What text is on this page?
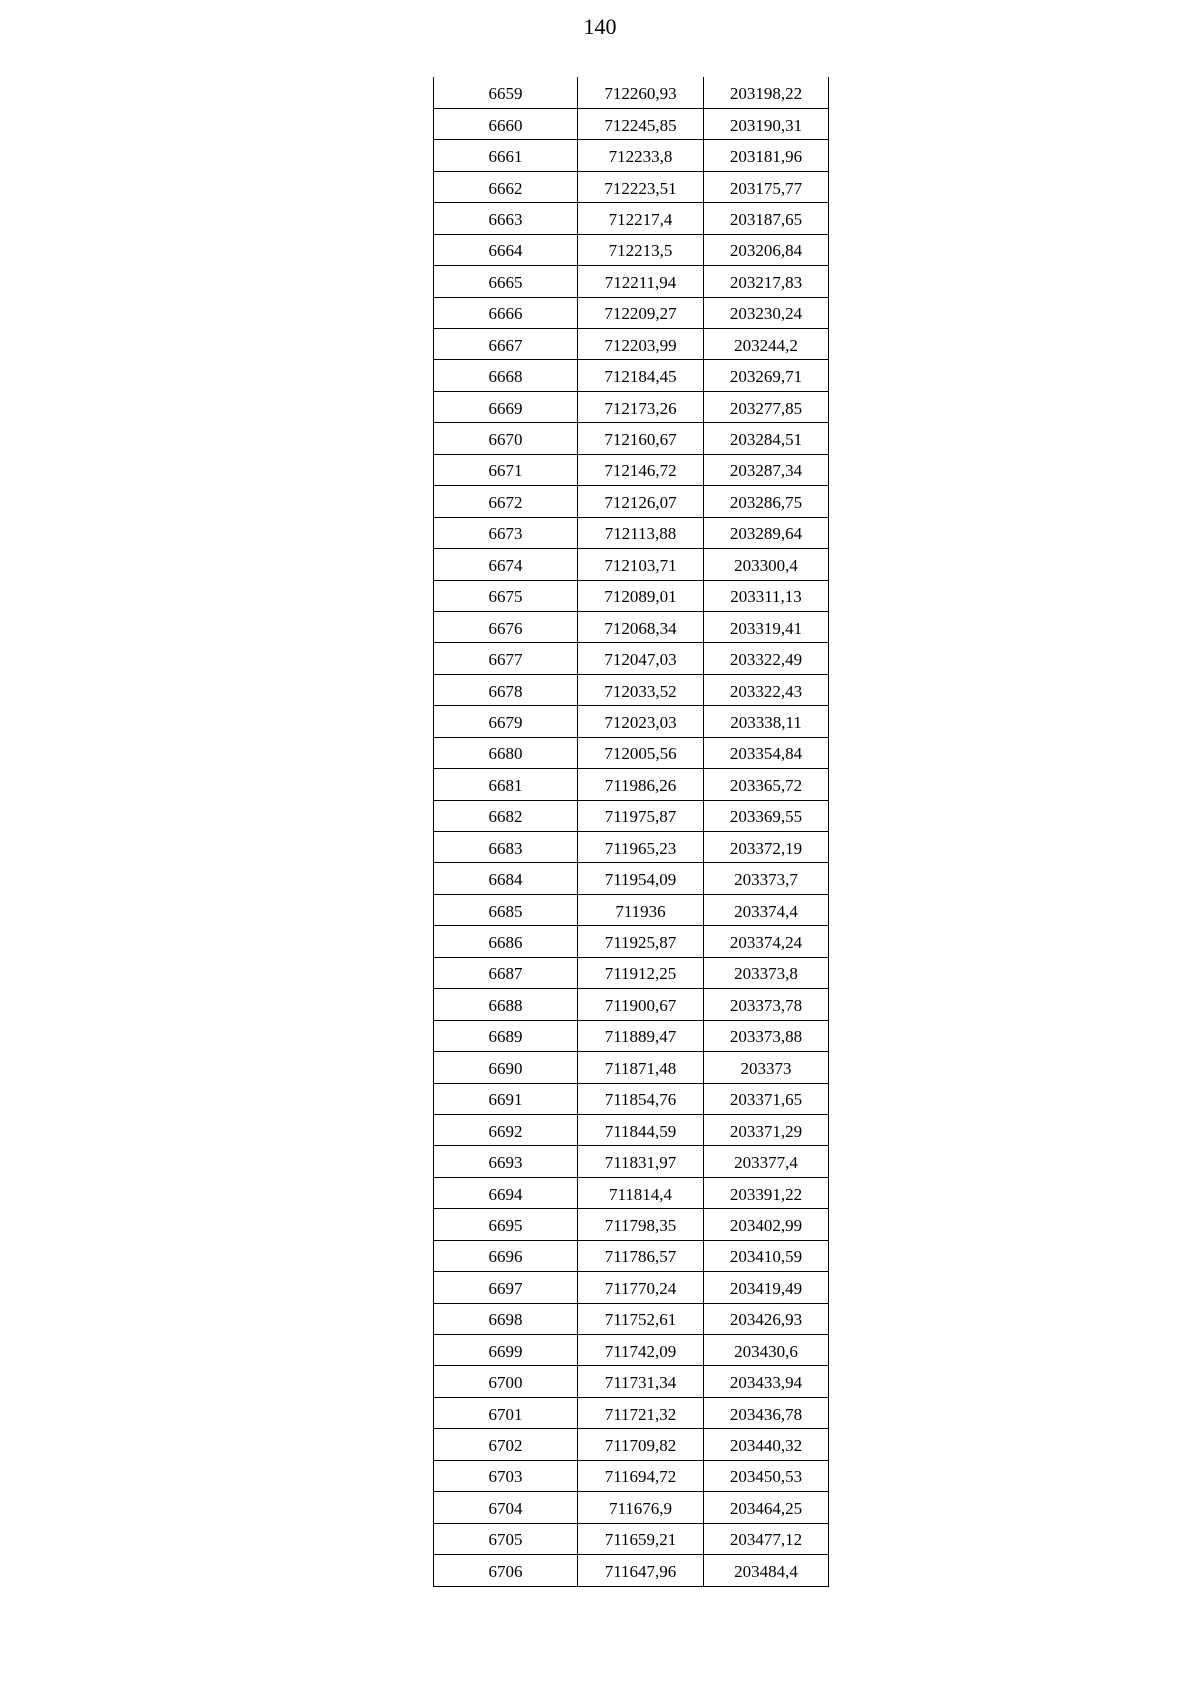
140
6659	712260,93	203198,22
6660	712245,85	203190,31
6661	712233,8	203181,96
6662	712223,51	203175,77
6663	712217,4	203187,65
6664	712213,5	203206,84
6665	712211,94	203217,83
6666	712209,27	203230,24
6667	712203,99	203244,2
6668	712184,45	203269,71
6669	712173,26	203277,85
6670	712160,67	203284,51
6671	712146,72	203287,34
6672	712126,07	203286,75
6673	712113,88	203289,64
6674	712103,71	203300,4
6675	712089,01	203311,13
6676	712068,34	203319,41
6677	712047,03	203322,49
6678	712033,52	203322,43
6679	712023,03	203338,11
6680	712005,56	203354,84
6681	711986,26	203365,72
6682	711975,87	203369,55
6683	711965,23	203372,19
6684	711954,09	203373,7
6685	711936	203374,4
6686	711925,87	203374,24
6687	711912,25	203373,8
6688	711900,67	203373,78
6689	711889,47	203373,88
6690	711871,48	203373
6691	711854,76	203371,65
6692	711844,59	203371,29
6693	711831,97	203377,4
6694	711814,4	203391,22
6695	711798,35	203402,99
6696	711786,57	203410,59
6697	711770,24	203419,49
6698	711752,61	203426,93
6699	711742,09	203430,6
6700	711731,34	203433,94
6701	711721,32	203436,78
6702	711709,82	203440,32
6703	711694,72	203450,53
6704	711676,9	203464,25
6705	711659,21	203477,12
6706	711647,96	203484,4
